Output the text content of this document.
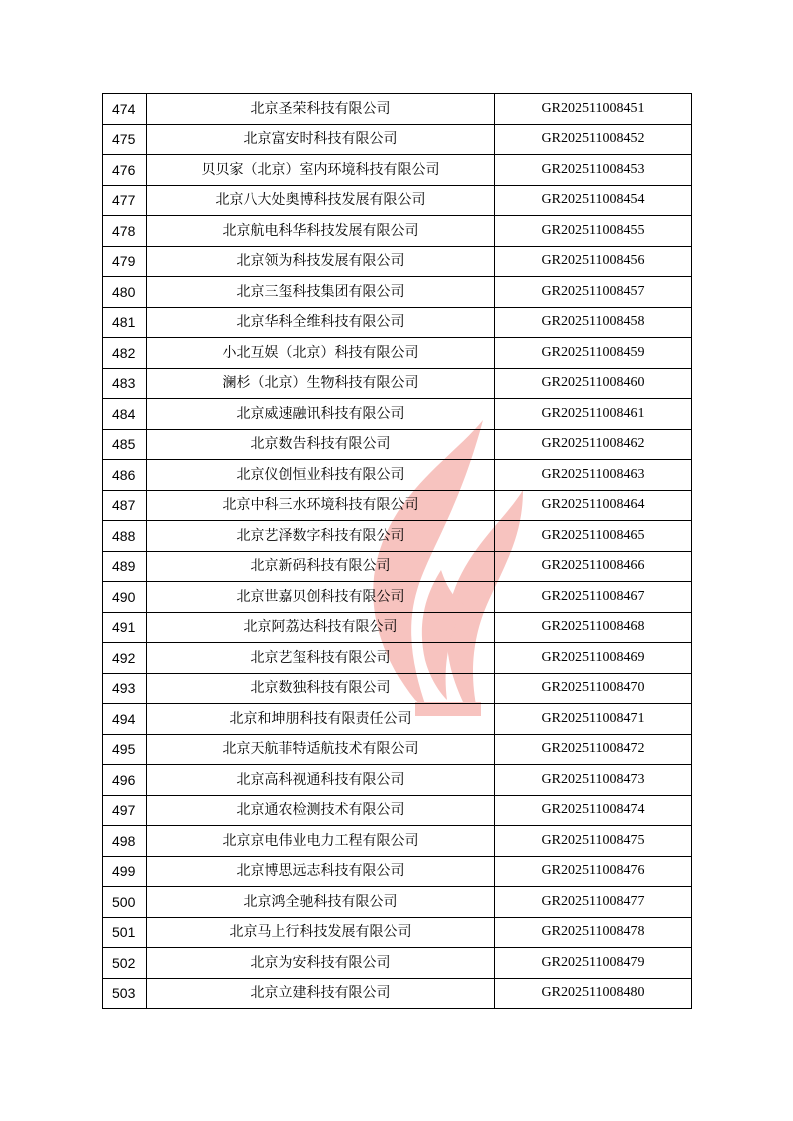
474	北京圣荣科技有限公司	GR202511008451
475	北京富安时科技有限公司	GR202511008452
476	贝贝家（北京）室内环境科技有限公司	GR202511008453
477	北京八大处奥博科技发展有限公司	GR202511008454
478	北京航电科华科技发展有限公司	GR202511008455
479	北京领为科技发展有限公司	GR202511008456
480	北京三玺科技集团有限公司	GR202511008457
481	北京华科全维科技有限公司	GR202511008458
482	小北互娱（北京）科技有限公司	GR202511008459
483	澜杉（北京）生物科技有限公司	GR202511008460
484	北京威速融讯科技有限公司	GR202511008461
485	北京数告科技有限公司	GR202511008462
486	北京仪创恒业科技有限公司	GR202511008463
487	北京中科三水环境科技有限公司	GR202511008464
488	北京艺泽数字科技有限公司	GR202511008465
489	北京新码科技有限公司	GR202511008466
490	北京世嘉贝创科技有限公司	GR202511008467
491	北京阿荔达科技有限公司	GR202511008468
492	北京艺玺科技有限公司	GR202511008469
493	北京数独科技有限公司	GR202511008470
494	北京和坤朋科技有限责任公司	GR202511008471
495	北京天航菲特适航技术有限公司	GR202511008472
496	北京高科视通科技有限公司	GR202511008473
497	北京通农检测技术有限公司	GR202511008474
498	北京京电伟业电力工程有限公司	GR202511008475
499	北京博思远志科技有限公司	GR202511008476
500	北京鸿全驰科技有限公司	GR202511008477
501	北京马上行科技发展有限公司	GR202511008478
502	北京为安科技有限公司	GR202511008479
503	北京立建科技有限公司	GR202511008480
